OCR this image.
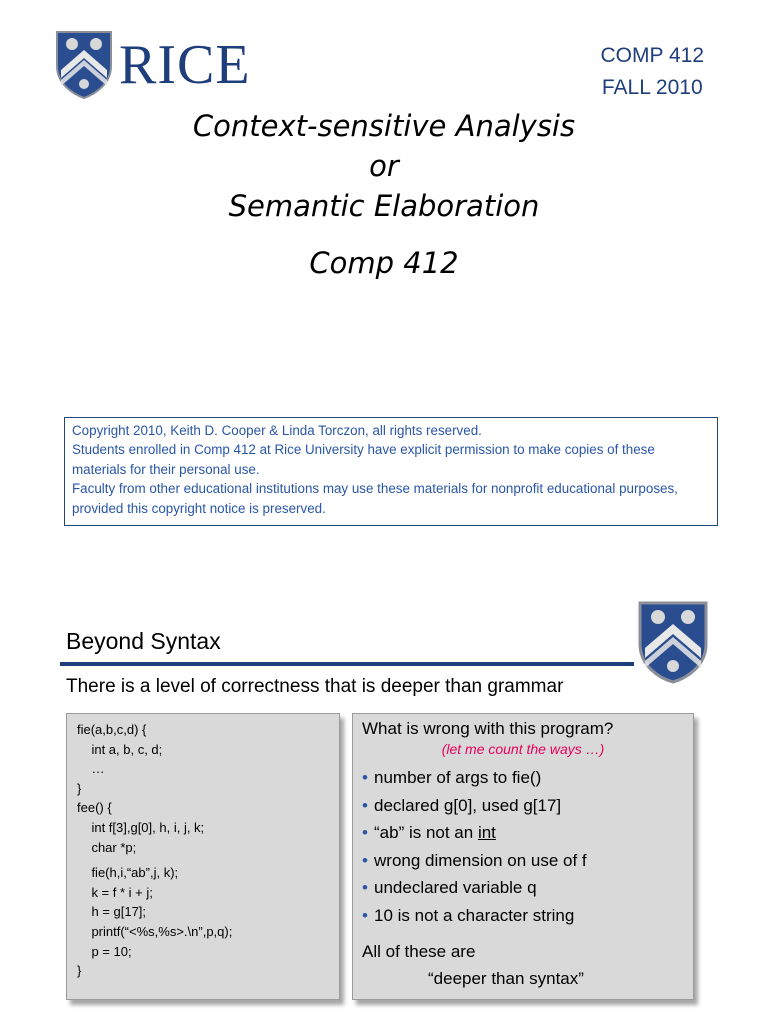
RICE	COMP 412
FALL 2010
Context-sensitive Analysis
or
Semantic Elaboration
Comp 412

Copyright 2010, Keith D. Cooper & Linda Torczon, all rights reserved.

Students enrolled in Comp 412 at Rice University have explicit permission to make copies of these materials for their personal use.

Faculty from other educational institutions may use these materials for nonprofit educational purposes, provided this copyright notice is preserved.

Beyond Syntax
There is a level of correctness that is deeper than grammar
fie(a,b,c,d) {
int a, b, c, d;
…
}
fee() {
int f[3],g[0], h, i, j, k;
char *p;
fie(h,i,“ab”,j, k);
k = f * i + j;
h = g[17];
printf(“<%s,%s>.\n”,p,q);
p = 10;
}
What is wrong with this program?
(let me count the ways …)
• number of args to fie()
• declared g[0], used g[17]
• “ab” is not an int
• wrong dimension on use of f
• undeclared variable q
• 10 is not a character string
All of these are
“deeper than syntax”
